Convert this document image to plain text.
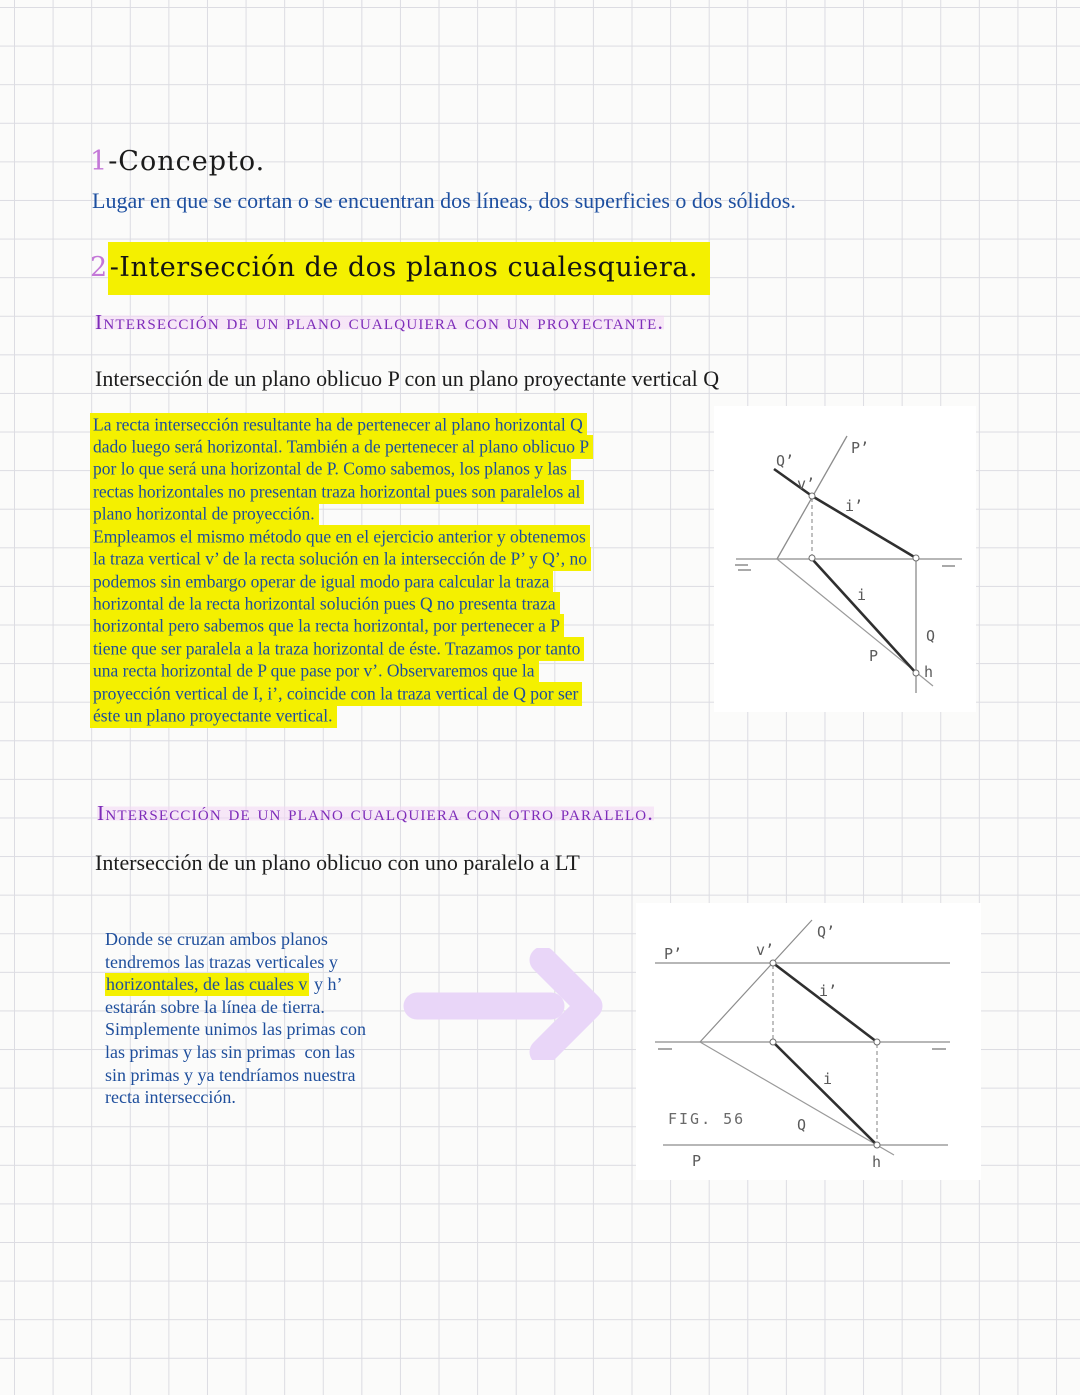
1-Concepto.
Lugar en que se cortan o se encuentran dos líneas, dos superficies o dos sólidos.
2-Intersección de dos planos cualesquiera.
Intersección de un plano cualquiera con un proyectante.
Intersección de un plano oblicuo P con un plano proyectante vertical Q
La recta intersección resultante ha de pertenecer al plano horizontal Q
dado luego será horizontal. También a de pertenecer al plano oblicuo P
por lo que será una horizontal de P. Como sabemos, los planos y las
rectas horizontales no presentan traza horizontal pues son paralelos al
plano horizontal de proyección.
Empleamos el mismo método que en el ejercicio anterior y obtenemos
la traza vertical v’ de la recta solución en la intersección de P’ y Q’, no
podemos sin embargo operar de igual modo para calcular la traza
horizontal de la recta horizontal solución pues Q no presenta traza
horizontal pero sabemos que la recta horizontal, por pertenecer a P
tiene que ser paralela a la traza horizontal de éste. Trazamos por tanto
una recta horizontal de P que pase por v’. Observaremos que la
proyección vertical de I, i’, coincide con la traza vertical de Q por ser
éste un plano proyectante vertical.
P’
Q’
v’
i’
i
Q
P
h
Intersección de un plano cualquiera con otro paralelo.
Intersección de un plano oblicuo con uno paralelo a LT
Donde se cruzan ambos planos
tendremos las trazas verticales y
horizontales, de las cuales v y h’
estarán sobre la línea de tierra.
Simplemente unimos las primas con
las primas y las sin primas  con las
sin primas y ya tendríamos nuestra
recta intersección.
P’
Q’
v’
i’
i
Q
P	h
FIG. 56
